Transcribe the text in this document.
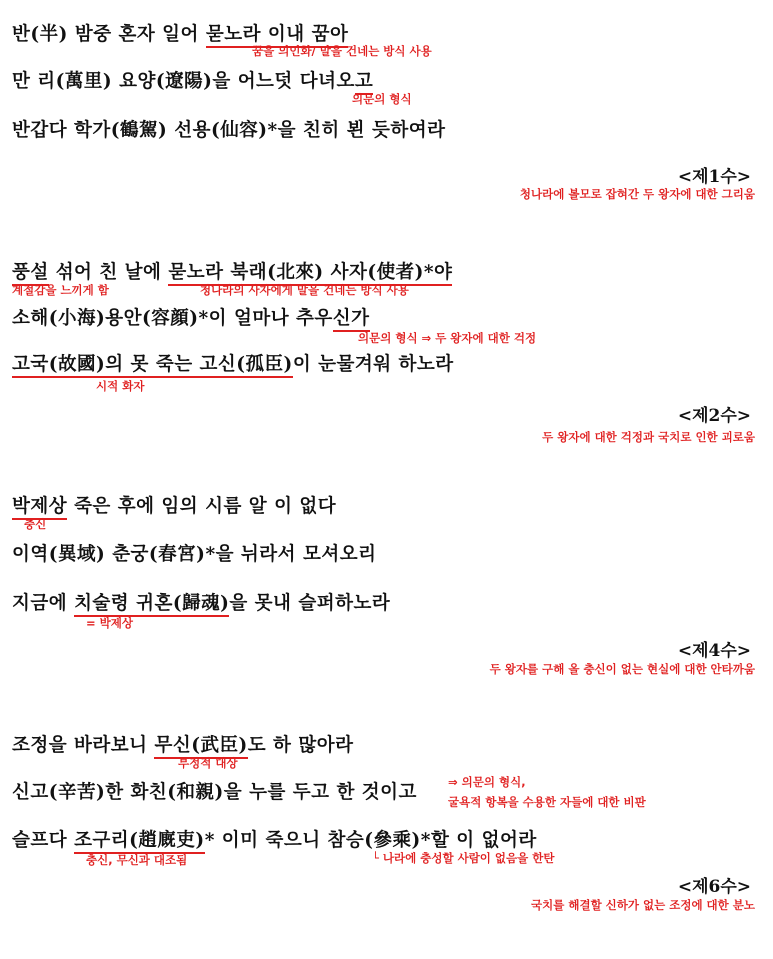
반(半) 밤중 혼자 일어 묻노라 이내 꿈아
꿈을 의인화/ 말을 건네는 방식 사용
만 리(萬里) 요양(遼陽)을 어느덧 다녀오고
의문의 형식
반갑다 학가(鶴駕) 선용(仙容)*을 친히 뵌 듯하여라
<제1수>
청나라에 볼모로 잡혀간 두 왕자에 대한 그리움
풍설 섞어 친 날에 묻노라 북래(北來) 사자(使者)*야
계절감을 느끼게 함	청나라의 사자에게 말을 건네는 방식 사용
소해(小海)용안(容顔)*이 얼마나 추우신가
의문의 형식 ⇒ 두 왕자에 대한 걱정
고국(故國)의 못 죽는 고신(孤臣)이 눈물겨워 하노라
시적 화자
<제2수>
두 왕자에 대한 걱정과 국치로 인한 괴로움
박제상 죽은 후에 임의 시름 알 이 없다
충신
이역(異域) 춘궁(春宮)*을 뉘라서 모셔오리
지금에 치술령 귀혼(歸魂)을 못내 슬퍼하노라
= 박제상
<제4수>
두 왕자를 구해 올 충신이 없는 현실에 대한 안타까움
조정을 바라보니 무신(武臣)도 하 많아라
부정적 대상
신고(辛苦)한 화친(和親)을 누를 두고 한 것이고	⇒ 의문의 형식,
굴욕적 항복을 수용한 자들에 대한 비판
슬프다 조구리(趙廐吏)* 이미 죽으니 참승(參乘)*할 이 없어라
충신, 무신과 대조됨	└ 나라에 충성할 사람이 없음을 한탄
<제6수>
국치를 해결할 신하가 없는 조정에 대한 분노
